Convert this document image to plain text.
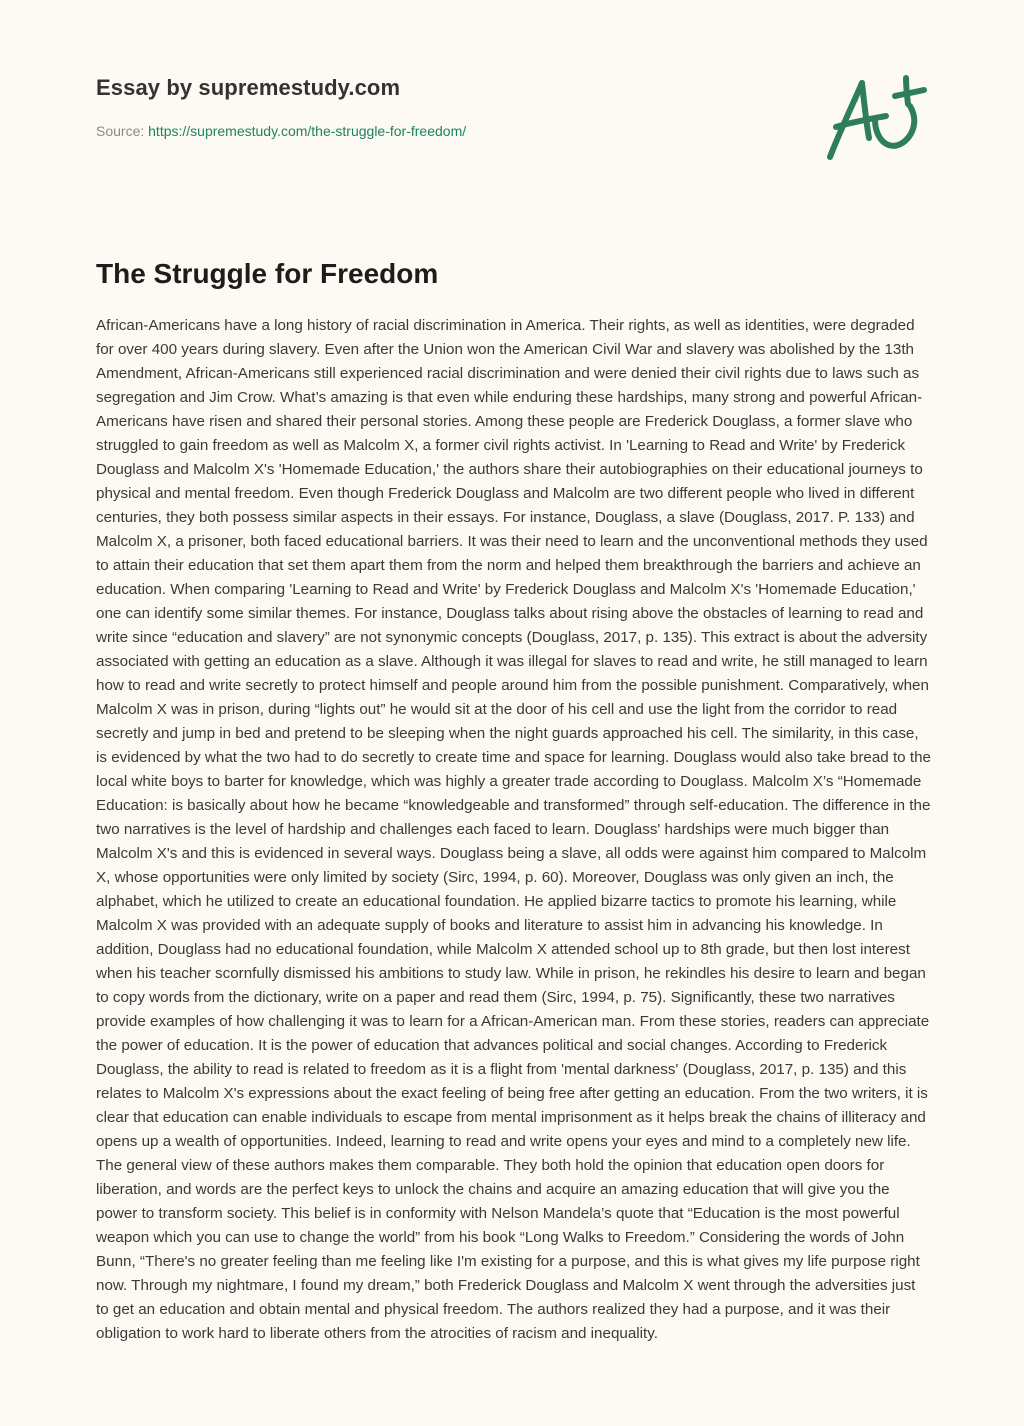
Essay by supremestudy.com
Source: https://supremestudy.com/the-struggle-for-freedom/
The Struggle for Freedom

African-Americans have a long history of racial discrimination in America. Their rights, as well as identities, were degraded for over 400 years during slavery. Even after the Union won the American Civil War and slavery was abolished by the 13th Amendment, African-Americans still experienced racial discrimination and were denied their civil rights due to laws such as segregation and Jim Crow. What’s amazing is that even while enduring these hardships, many strong and powerful African-Americans have risen and shared their personal stories. Among these people are Frederick Douglass, a former slave who struggled to gain freedom as well as Malcolm X, a former civil rights activist. In 'Learning to Read and Write' by Frederick Douglass and Malcolm X's 'Homemade Education,' the authors share their autobiographies on their educational journeys to physical and mental freedom. Even though Frederick Douglass and Malcolm are two different people who lived in different centuries, they both possess similar aspects in their essays. For instance, Douglass, a slave (Douglass, 2017. P. 133) and Malcolm X, a prisoner, both faced educational barriers. It was their need to learn and the unconventional methods they used to attain their education that set them apart them from the norm and helped them breakthrough the barriers and achieve an education. When comparing 'Learning to Read and Write' by Frederick Douglass and Malcolm X's 'Homemade Education,' one can identify some similar themes. For instance, Douglass talks about rising above the obstacles of learning to read and write since “education and slavery” are not synonymic concepts (Douglass, 2017, p. 135). This extract is about the adversity associated with getting an education as a slave. Although it was illegal for slaves to read and write, he still managed to learn how to read and write secretly to protect himself and people around him from the possible punishment. Comparatively, when Malcolm X was in prison, during “lights out” he would sit at the door of his cell and use the light from the corridor to read secretly and jump in bed and pretend to be sleeping when the night guards approached his cell. The similarity, in this case, is evidenced by what the two had to do secretly to create time and space for learning. Douglass would also take bread to the local white boys to barter for knowledge, which was highly a greater trade according to Douglass. Malcolm X’s “Homemade Education: is basically about how he became “knowledgeable and transformed” through self-education. The difference in the two narratives is the level of hardship and challenges each faced to learn. Douglass' hardships were much bigger than Malcolm X's and this is evidenced in several ways. Douglass being a slave, all odds were against him compared to Malcolm X, whose opportunities were only limited by society (Sirc, 1994, p. 60). Moreover, Douglass was only given an inch, the alphabet, which he utilized to create an educational foundation. He applied bizarre tactics to promote his learning, while Malcolm X was provided with an adequate supply of books and literature to assist him in advancing his knowledge. In addition, Douglass had no educational foundation, while Malcolm X attended school up to 8th grade, but then lost interest when his teacher scornfully dismissed his ambitions to study law. While in prison, he rekindles his desire to learn and began to copy words from the dictionary, write on a paper and read them (Sirc, 1994, p. 75). Significantly, these two narratives provide examples of how challenging it was to learn for a African-American man. From these stories, readers can appreciate the power of education. It is the power of education that advances political and social changes. According to Frederick Douglass, the ability to read is related to freedom as it is a flight from 'mental darkness' (Douglass, 2017, p. 135) and this relates to Malcolm X's expressions about the exact feeling of being free after getting an education. From the two writers, it is clear that education can enable individuals to escape from mental imprisonment as it helps break the chains of illiteracy and opens up a wealth of opportunities. Indeed, learning to read and write opens your eyes and mind to a completely new life. The general view of these authors makes them comparable. They both hold the opinion that education open doors for liberation, and words are the perfect keys to unlock the chains and acquire an amazing education that will give you the power to transform society. This belief is in conformity with Nelson Mandela’s quote that “Education is the most powerful weapon which you can use to change the world” from his book “Long Walks to Freedom.” Considering the words of John Bunn, “There's no greater feeling than me feeling like I'm existing for a purpose, and this is what gives my life purpose right now. Through my nightmare, I found my dream,” both Frederick Douglass and Malcolm X went through the adversities just to get an education and obtain mental and physical freedom. The authors realized they had a purpose, and it was their obligation to work hard to liberate others from the atrocities of racism and inequality.
